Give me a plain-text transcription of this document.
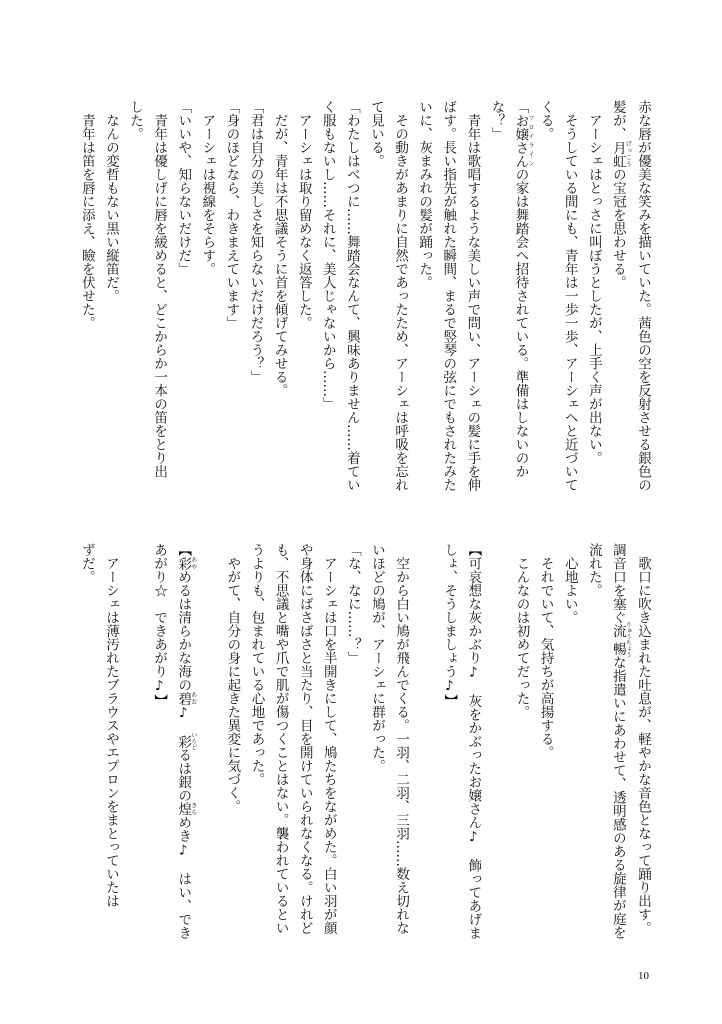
赤な唇が優美な笑みを描いていた。茜色の空を反射させる銀色の
髪が、月虹げっこうの宝冠を思わせる。
　アーシェはとっさに叫ぼうとしたが、上手く声が出ない。
　そうしている間にも、青年は一歩一歩、アーシェへと近づいて
くる。
「お嬢さんフロイラインの家は舞踏会へ招待されている。準備はしないのか
な？」
　青年は歌唱するような美しい声で問い、アーシェの髪に手を伸
ばす。長い指先が触れた瞬間、まるで竪琴の弦にでもされたみた
いに、灰まみれの髪が踊った。
　その動きがあまりに自然であったため、アーシェは呼吸を忘れ
て見いる。
「わたしはべつに……舞踏会なんて、興味ありません……着てい
く服もないし……それに、美人じゃないから……」
　アーシェは取り留めなく返答した。
　だが、青年は不思議そうに首を傾げてみせる。
「君は自分の美しさを知らないだけだろう？」
「身のほどなら、わきまえています」
　アーシェは視線をそらす。
「いいや、知らないだけだ」
　青年は優しげに唇を緩めると、どこからか一本の笛をとり出
した。
　なんの変哲もない黒い縦笛だ。
　青年は笛を唇に添え、瞼を伏せた。
　歌口に吹き込まれた吐息が、軽やかな音色となって踊り出す。
調音口を塞ぐ流暢りゅうちょうな指遣いにあわせて、透明感のある旋律が庭を
流れた。
　心地よい。
　それでいて、気持ちが高揚する。
　こんなのは初めてだった。

【可哀想な灰かぶり♪　灰をかぶったお嬢さん♪　飾ってあげま
しょ、そうしましょう♪】

　空から白い鳩が飛んでくる。一羽、二羽、三羽……数え切れな
いほどの鳩が、アーシェに群がった。
「な、なに……？」
　アーシェは口を半開きにして、鳩たちをながめた。白い羽が顔
や身体にばさばさと当たり、目を開けていられなくなる。けれど
も、不思議と嘴や爪で肌が傷つくことはない。襲われているとい
うよりも、包まれている心地であった。
　やがて、自分の身に起きた異変に気づく。

【彩あやめるは清らかな海の碧あお♪　彩いろどるは銀の煌きらめき♪　はい、でき
あがり☆　できあがり♪】

　アーシェは薄汚れたブラウスやエプロンをまとっていたは
ずだ。
10
